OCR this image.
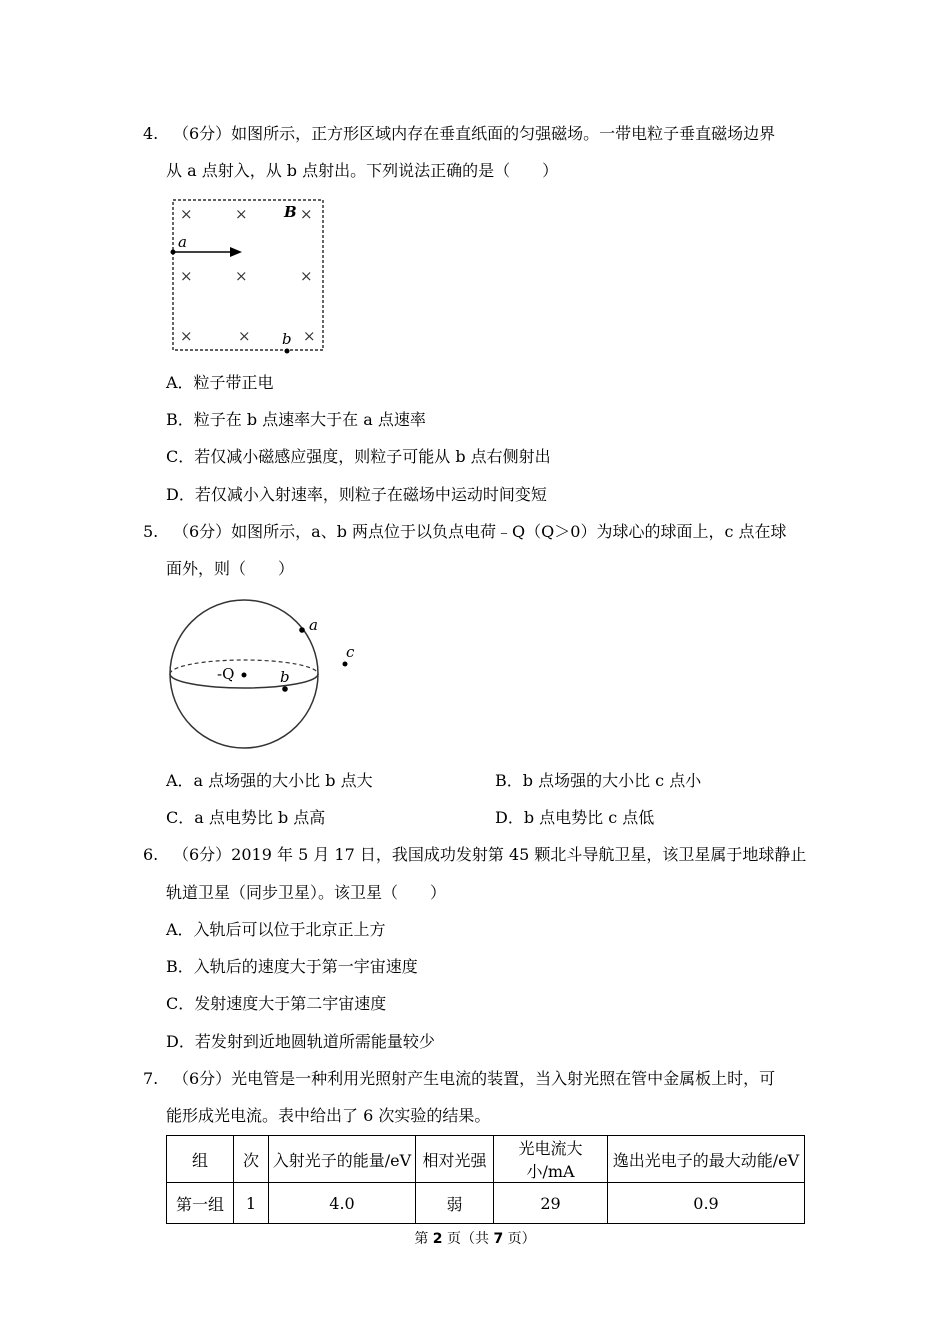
4. （6分）如图所示，正方形区域内存在垂直纸面的匀强磁场。一带电粒子垂直磁场边界
从 a 点射入，从 b 点射出。下列说法正确的是（　　）
×	×	×
×	×	×
×	×	×
B
a
b
A．粒子带正电
B．粒子在 b 点速率大于在 a 点速率
C．若仅减小磁感应强度，则粒子可能从 b 点右侧射出
D．若仅减小入射速率，则粒子在磁场中运动时间变短
5. （6分）如图所示，a、b 两点位于以负点电荷﹣Q（Q＞0）为球心的球面上，c 点在球
面外，则（　　）
-Q
a
b
c
A．a 点场强的大小比 b 点大	B．b 点场强的大小比 c 点小
C．a 点电势比 b 点高	D．b 点电势比 c 点低
6. （6分）2019 年 5 月 17 日，我国成功发射第 45 颗北斗导航卫星，该卫星属于地球静止
轨道卫星（同步卫星）。该卫星（　　）
A．入轨后可以位于北京正上方
B．入轨后的速度大于第一宇宙速度
C．发射速度大于第二宇宙速度
D．若发射到近地圆轨道所需能量较少
7. （6分）光电管是一种利用光照射产生电流的装置，当入射光照在管中金属板上时，可
能形成光电流。表中给出了 6 次实验的结果。
组	次	入射光子的能量/eV	相对光强	光电流大小/mA	逸出光电子的最大动能/eV
第一组	1	4.0	弱	29	0.9
第 2 页（共 7 页）
